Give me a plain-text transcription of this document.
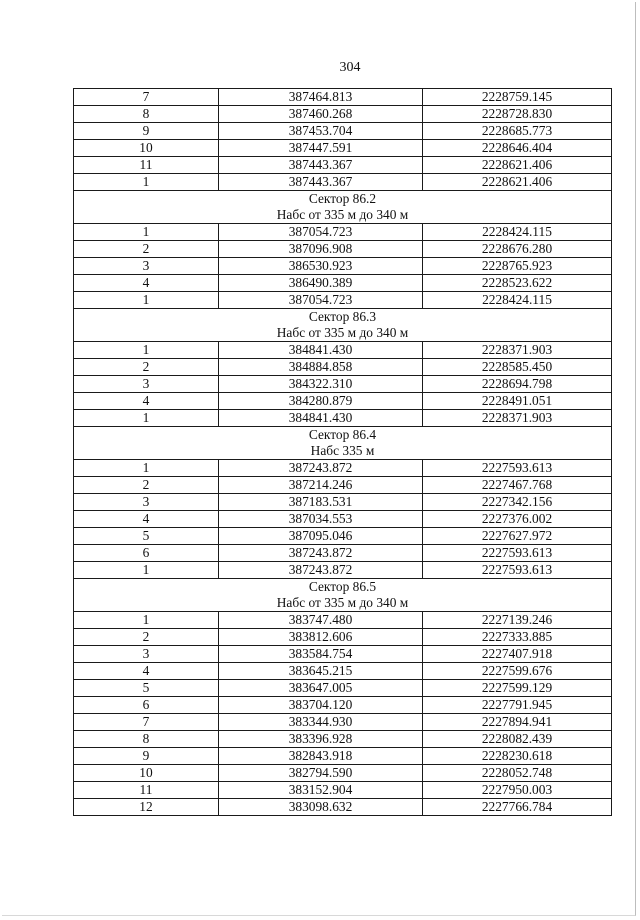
304
7	387464.813	2228759.145
8	387460.268	2228728.830
9	387453.704	2228685.773
10	387447.591	2228646.404
11	387443.367	2228621.406
1	387443.367	2228621.406

Сектор 86.2
Набс от 335 м до 340 м		

1	387054.723	2228424.115
2	387096.908	2228676.280
3	386530.923	2228765.923
4	386490.389	2228523.622
1	387054.723	2228424.115

Сектор 86.3
Набс от 335 м до 340 м		

1	384841.430	2228371.903
2	384884.858	2228585.450
3	384322.310	2228694.798
4	384280.879	2228491.051
1	384841.430	2228371.903

Сектор 86.4
Набс 335 м		

1	387243.872	2227593.613
2	387214.246	2227467.768
3	387183.531	2227342.156
4	387034.553	2227376.002
5	387095.046	2227627.972
6	387243.872	2227593.613
1	387243.872	2227593.613

Сектор 86.5
Набс от 335 м до 340 м		

1	383747.480	2227139.246
2	383812.606	2227333.885
3	383584.754	2227407.918
4	383645.215	2227599.676
5	383647.005	2227599.129
6	383704.120	2227791.945
7	383344.930	2227894.941
8	383396.928	2228082.439
9	382843.918	2228230.618
10	382794.590	2228052.748
11	383152.904	2227950.003
12	383098.632	2227766.784
